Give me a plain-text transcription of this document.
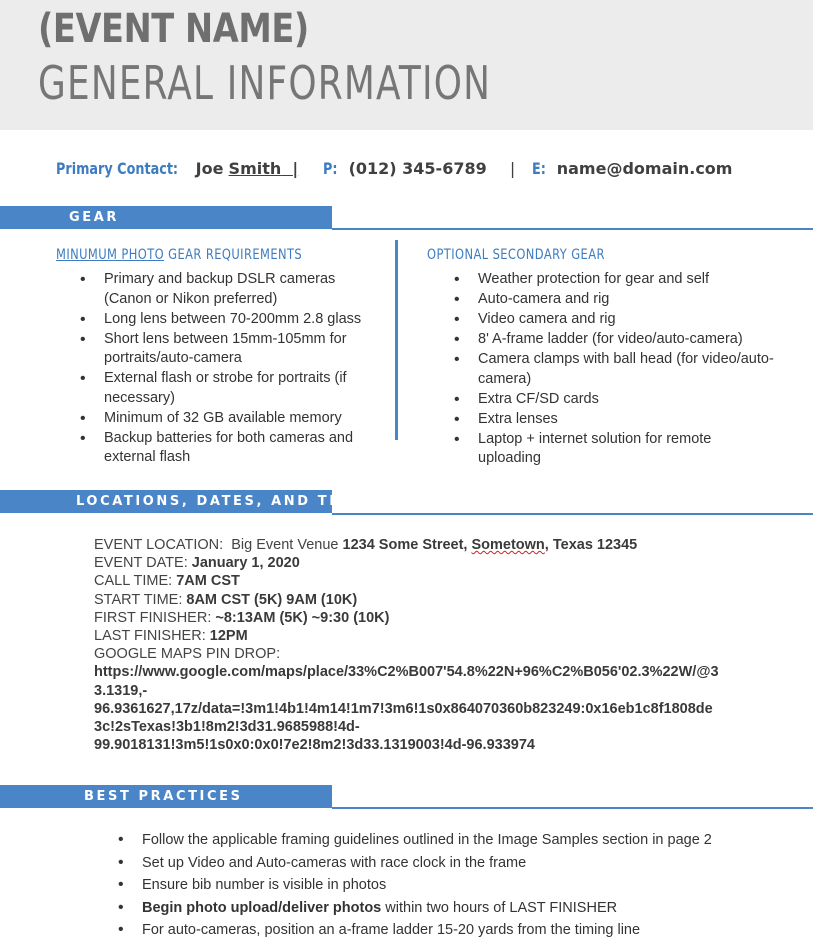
(EVENT NAME)
GENERAL INFORMATION
Primary Contact: Joe Smith | P: (012) 345-6789 | E: name@domain.com
GEAR
MINUMUM PHOTO GEAR REQUIREMENTS
• Primary and backup DSLR cameras (Canon or Nikon preferred)
• Long lens between 70-200mm 2.8 glass
• Short lens between 15mm-105mm for portraits/auto-camera
• External flash or strobe for portraits (if necessary)
• Minimum of 32 GB available memory
• Backup batteries for both cameras and external flash
OPTIONAL SECONDARY GEAR
• Weather protection for gear and self
• Auto-camera and rig
• Video camera and rig
• 8' A-frame ladder (for video/auto-camera)
• Camera clamps with ball head (for video/auto-camera)
• Extra CF/SD cards
• Extra lenses
• Laptop + internet solution for remote uploading
LOCATIONS, DATES, AND TIMES
EVENT LOCATION: Big Event Venue 1234 Some Street, Sometown, Texas 12345
EVENT DATE: January 1, 2020
CALL TIME: 7AM CST
START TIME: 8AM CST (5K) 9AM (10K)
FIRST FINISHER: ~8:13AM (5K) ~9:30 (10K)
LAST FINISHER: 12PM
GOOGLE MAPS PIN DROP:
https://www.google.com/maps/place/33%C2%B007'54.8%22N+96%C2%B056'02.3%22W/@3
3.1319,-
96.9361627,17z/data=!3m1!4b1!4m14!1m7!3m6!1s0x864070360b823249:0x16eb1c8f1808de
3c!2sTexas!3b1!8m2!3d31.9685988!4d-
99.9018131!3m5!1s0x0:0x0!7e2!8m2!3d33.1319003!4d-96.933974
BEST PRACTICES
• Follow the applicable framing guidelines outlined in the Image Samples section in page 2
• Set up Video and Auto-cameras with race clock in the frame
• Ensure bib number is visible in photos
• Begin photo upload/deliver photos within two hours of LAST FINISHER
• For auto-cameras, position an a-frame ladder 15-20 yards from the timing line
